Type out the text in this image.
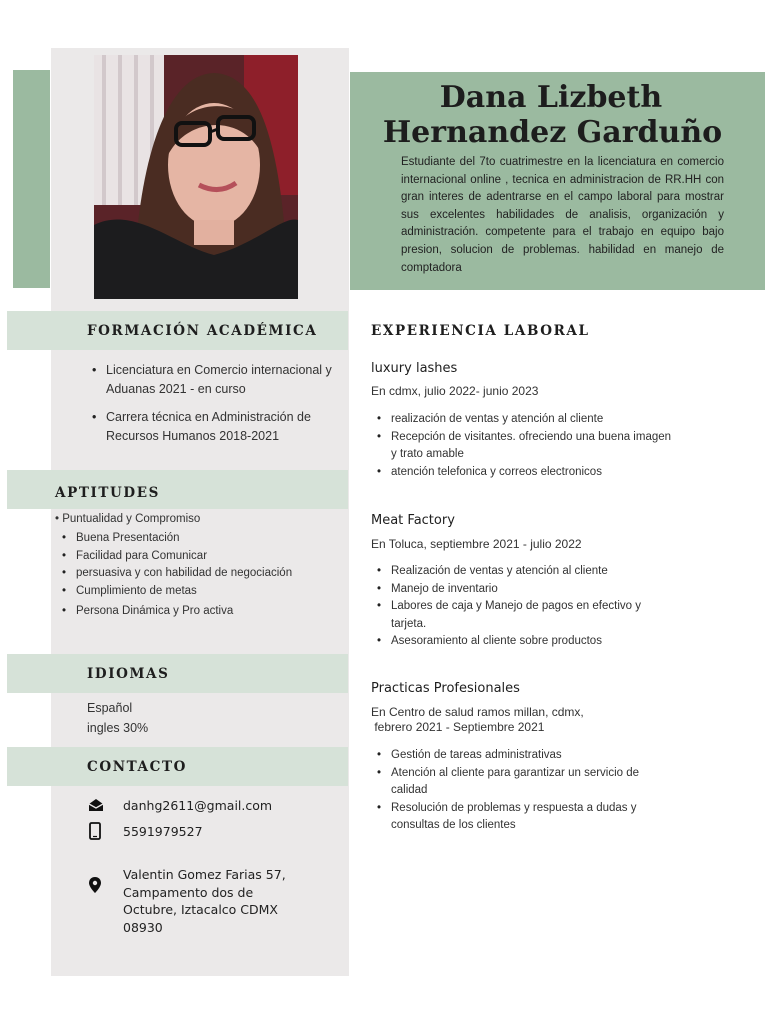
Dana Lizbeth
Hernandez Garduño
Estudiante del 7to cuatrimestre en la licenciatura en comercio internacional online , tecnica en administracion de RR.HH con gran interes de adentrarse en el campo laboral para mostrar sus excelentes habilidades de analisis, organización y administración. competente para el trabajo en equipo bajo presion, solucion de problemas. habilidad en manejo de comptadora
FORMACIÓN ACADÉMICA
• Licenciatura en Comercio internacional y Aduanas 2021 - en curso
• Carrera técnica en Administración de Recursos Humanos 2018-2021
APTITUDES
• Puntualidad y Compromiso
• Buena Presentación
• Facilidad para Comunicar
• persuasiva y con habilidad de negociación
• Cumplimiento de metas
• Persona Dinámica y Pro activa
IDIOMAS
Español
ingles 30%
CONTACTO
danhg2611@gmail.com
5591979527
Valentin Gomez Farias 57,
Campamento dos de
Octubre, Iztacalco CDMX
08930
EXPERIENCIA LABORAL
luxury lashes
En cdmx, julio 2022- junio 2023
• realización de ventas y atención al cliente
• Recepción de visitantes. ofreciendo una buena imagen y trato amable
• atención telefonica y correos electronicos
Meat Factory
En Toluca, septiembre 2021 - julio 2022
• Realización de ventas y atención al cliente
• Manejo de inventario
• Labores de caja y Manejo de pagos en efectivo y tarjeta.
• Asesoramiento al cliente sobre productos
Practicas Profesionales
En Centro de salud ramos millan, cdmx,
febrero 2021 - Septiembre 2021
• Gestión de tareas administrativas
• Atención al cliente para garantizar un servicio de calidad
• Resolución de problemas y respuesta a dudas y consultas de los clientes
